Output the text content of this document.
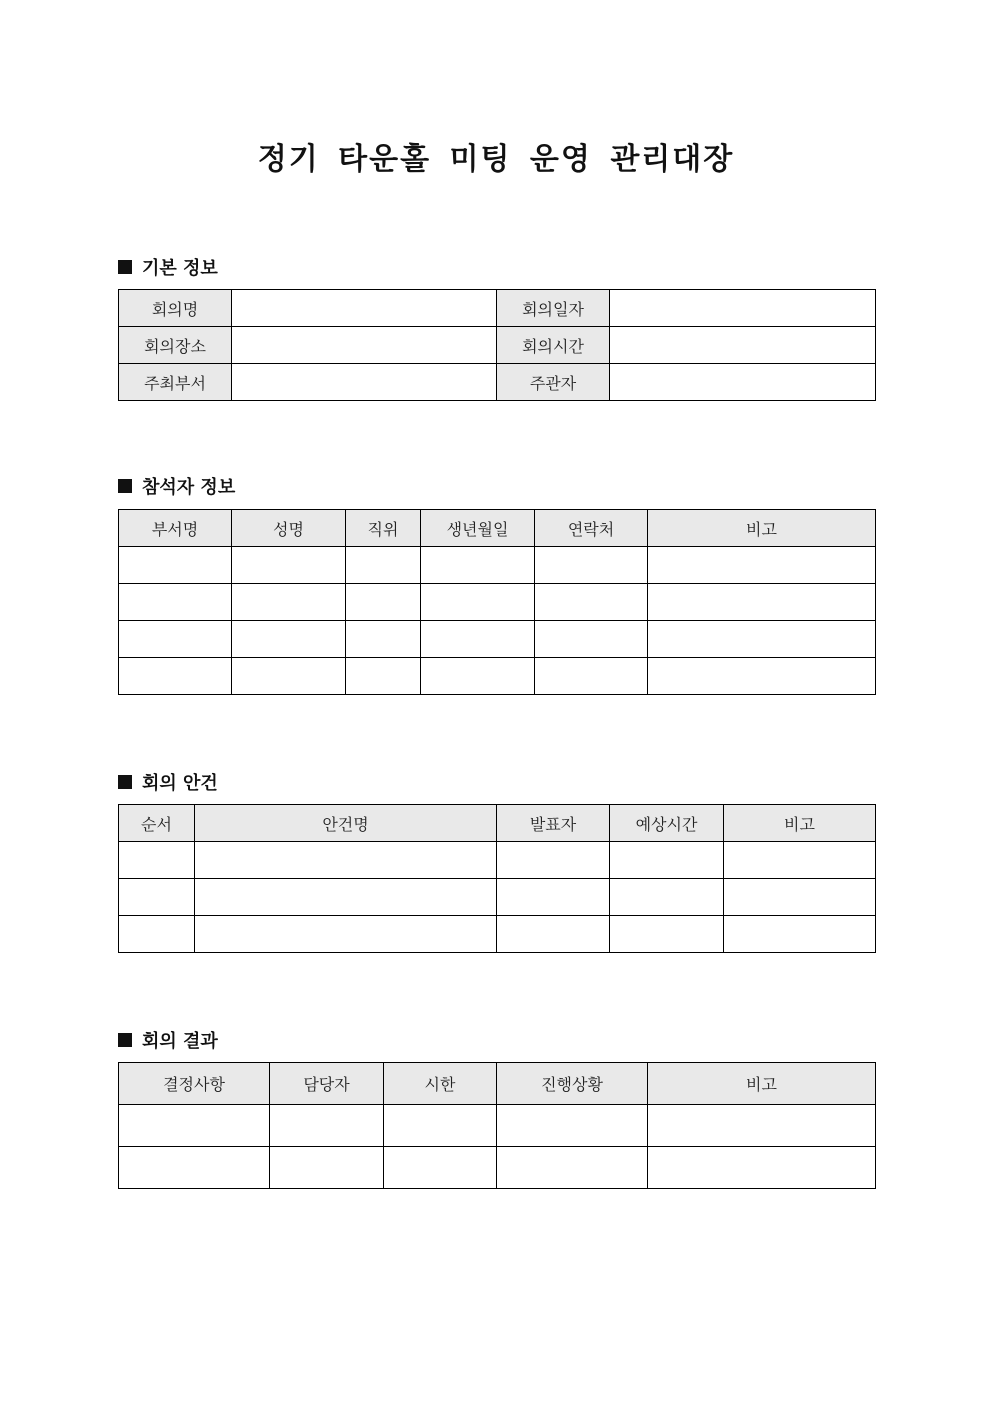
정기 타운홀 미팅 운영 관리대장
기본 정보
회의명		회의일자	
회의장소		회의시간	
주최부서		주관자	
참석자 정보
부서명	성명	직위	생년월일	연락처	비고

회의 안건
순서	안건명	발표자	예상시간	비고

회의 결과
결정사항	담당자	시한	진행상황	비고
